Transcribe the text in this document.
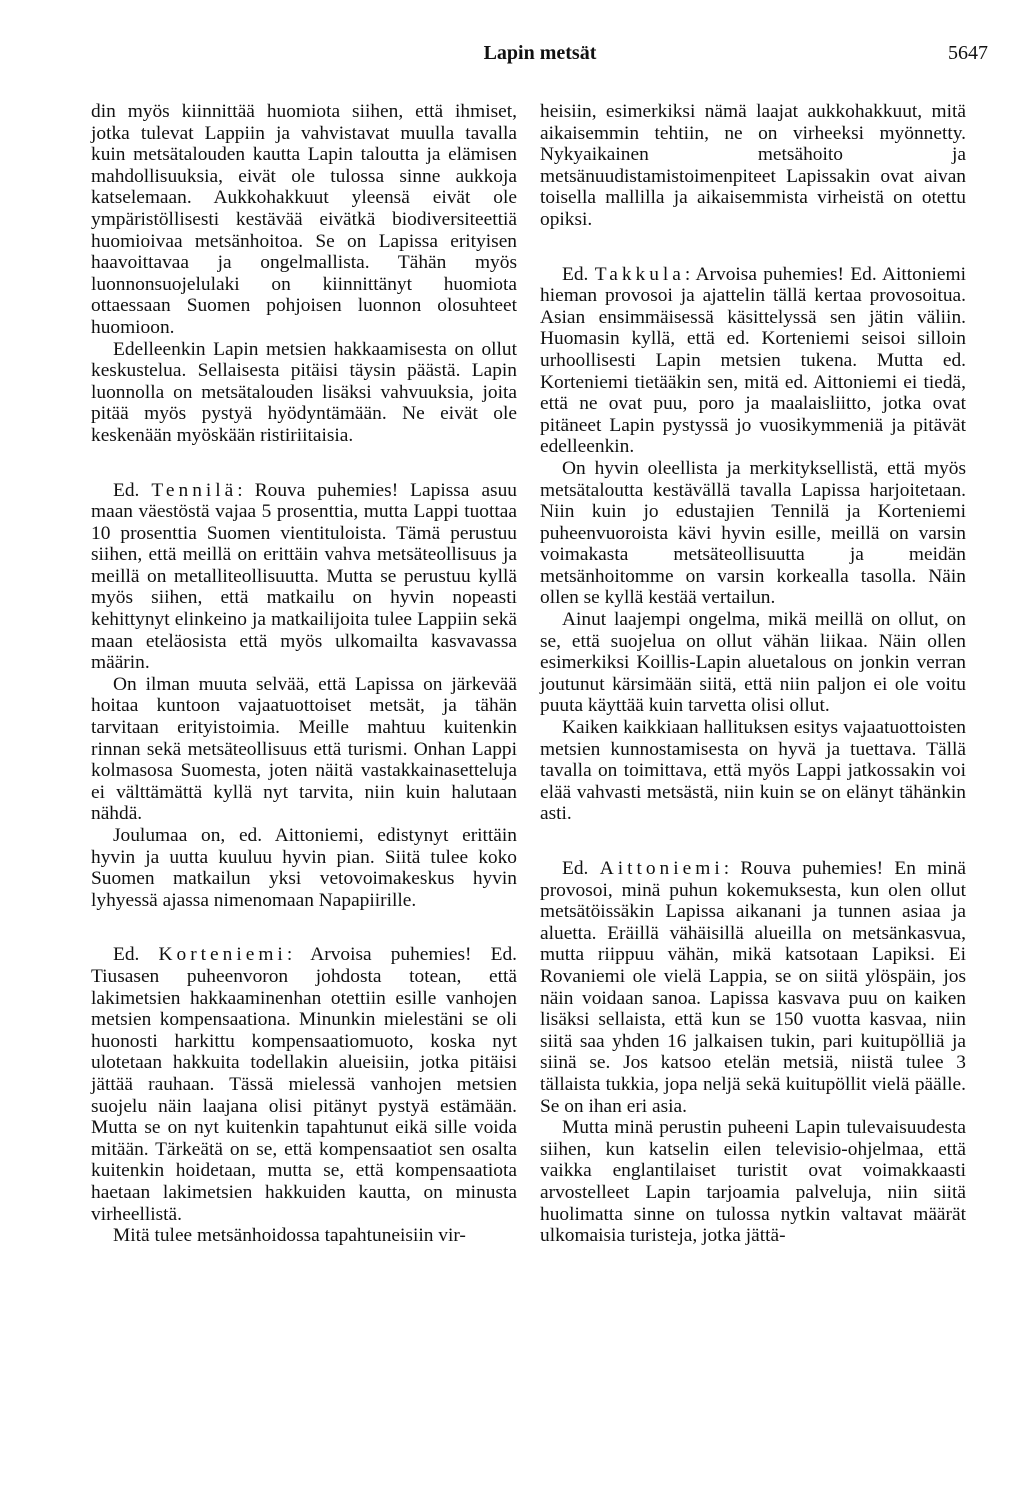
Lapin metsät	5647

din myös kiinnittää huomiota siihen, että ihmiset, jotka tulevat Lappiin ja vahvistavat muulla tavalla kuin metsätalouden kautta Lapin taloutta ja elämisen mahdollisuuksia, eivät ole tulossa sinne aukkoja katselemaan. Aukkohakkuut yleensä eivät ole ympäristöllisesti kestävää eivätkä biodiversiteettiä huomioivaa metsänhoitoa. Se on Lapissa erityisen haavoittavaa ja ongelmallista. Tähän myös luonnonsuojelulaki on kiinnittänyt huomiota ottaessaan Suomen pohjoisen luonnon olosuhteet huomioon.

Edelleenkin Lapin metsien hakkaamisesta on ollut keskustelua. Sellaisesta pitäisi täysin päästä. Lapin luonnolla on metsätalouden lisäksi vahvuuksia, joita pitää myös pystyä hyödyntämään. Ne eivät ole keskenään myöskään ristiriitaisia.

Ed. Tennilä: Rouva puhemies! Lapissa asuu maan väestöstä vajaa 5 prosenttia, mutta Lappi tuottaa 10 prosenttia Suomen vientituloista. Tämä perustuu siihen, että meillä on erittäin vahva metsäteollisuus ja meillä on metalliteollisuutta. Mutta se perustuu kyllä myös siihen, että matkailu on hyvin nopeasti kehittynyt elinkeino ja matkailijoita tulee Lappiin sekä maan eteläosista että myös ulkomailta kasvavassa määrin.

On ilman muuta selvää, että Lapissa on järkevää hoitaa kuntoon vajaatuottoiset metsät, ja tähän tarvitaan erityistoimia. Meille mahtuu kuitenkin rinnan sekä metsäteollisuus että turismi. Onhan Lappi kolmasosa Suomesta, joten näitä vastakkainasetteluja ei välttämättä kyllä nyt tarvita, niin kuin halutaan nähdä.

Joulumaa on, ed. Aittoniemi, edistynyt erittäin hyvin ja uutta kuuluu hyvin pian. Siitä tulee koko Suomen matkailun yksi vetovoimakeskus hyvin lyhyessä ajassa nimenomaan Napapiirille.

Ed. Korteniemi: Arvoisa puhemies! Ed. Tiusasen puheenvoron johdosta totean, että lakimetsien hakkaaminenhan otettiin esille vanhojen metsien kompensaationa. Minunkin mielestäni se oli huonosti harkittu kompensaatiomuoto, koska nyt ulotetaan hakkuita todellakin alueisiin, jotka pitäisi jättää rauhaan. Tässä mielessä vanhojen metsien suojelu näin laajana olisi pitänyt pystyä estämään. Mutta se on nyt kuitenkin tapahtunut eikä sille voida mitään. Tärkeätä on se, että kompensaatiot sen osalta kuitenkin hoidetaan, mutta se, että kompensaatiota haetaan lakimetsien hakkuiden kautta, on minusta virheellistä.

Mitä tulee metsänhoidossa tapahtuneisiin vir-

heisiin, esimerkiksi nämä laajat aukkohakkuut, mitä aikaisemmin tehtiin, ne on virheeksi myönnetty. Nykyaikainen metsähoito ja metsänuudistamistoimenpiteet Lapissakin ovat aivan toisella mallilla ja aikaisemmista virheistä on otettu opiksi.

Ed. Takkula: Arvoisa puhemies! Ed. Aittoniemi hieman provosoi ja ajattelin tällä kertaa provosoitua. Asian ensimmäisessä käsittelyssä sen jätin väliin. Huomasin kyllä, että ed. Korteniemi seisoi silloin urhoollisesti Lapin metsien tukena. Mutta ed. Korteniemi tietääkin sen, mitä ed. Aittoniemi ei tiedä, että ne ovat puu, poro ja maalaisliitto, jotka ovat pitäneet Lapin pystyssä jo vuosikymmeniä ja pitävät edelleenkin.

On hyvin oleellista ja merkityksellistä, että myös metsätaloutta kestävällä tavalla Lapissa harjoitetaan. Niin kuin jo edustajien Tennilä ja Korteniemi puheenvuoroista kävi hyvin esille, meillä on varsin voimakasta metsäteollisuutta ja meidän metsänhoitomme on varsin korkealla tasolla. Näin ollen se kyllä kestää vertailun.

Ainut laajempi ongelma, mikä meillä on ollut, on se, että suojelua on ollut vähän liikaa. Näin ollen esimerkiksi Koillis-Lapin aluetalous on jonkin verran joutunut kärsimään siitä, että niin paljon ei ole voitu puuta käyttää kuin tarvetta olisi ollut.

Kaiken kaikkiaan hallituksen esitys vajaatuottoisten metsien kunnostamisesta on hyvä ja tuettava. Tällä tavalla on toimittava, että myös Lappi jatkossakin voi elää vahvasti metsästä, niin kuin se on elänyt tähänkin asti.

Ed. Aittoniemi: Rouva puhemies! En minä provosoi, minä puhun kokemuksesta, kun olen ollut metsätöissäkin Lapissa aikanani ja tunnen asiaa ja aluetta. Eräillä vähäisillä alueilla on metsänkasvua, mutta riippuu vähän, mikä katsotaan Lapiksi. Ei Rovaniemi ole vielä Lappia, se on siitä ylöspäin, jos näin voidaan sanoa. Lapissa kasvava puu on kaiken lisäksi sellaista, että kun se 150 vuotta kasvaa, niin siitä saa yhden 16 jalkaisen tukin, pari kuitupölliä ja siinä se. Jos katsoo etelän metsiä, niistä tulee 3 tällaista tukkia, jopa neljä sekä kuitupöllit vielä päälle. Se on ihan eri asia.

Mutta minä perustin puheeni Lapin tulevaisuudesta siihen, kun katselin eilen televisio-ohjelmaa, että vaikka englantilaiset turistit ovat voimakkaasti arvostelleet Lapin tarjoamia palveluja, niin siitä huolimatta sinne on tulossa nytkin valtavat määrät ulkomaisia turisteja, jotka jättä-
